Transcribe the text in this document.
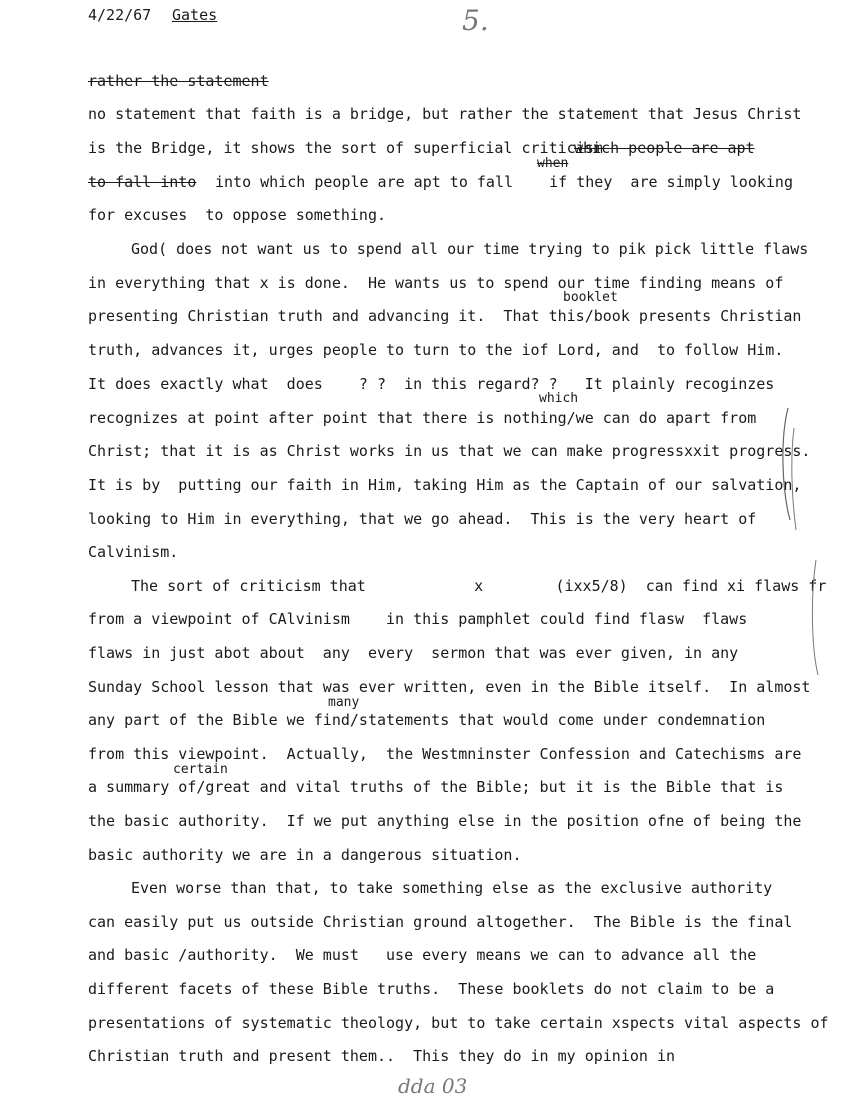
4/22/67 Gates	5.
rather the statement
no statement that faith is a bridge, but rather the statement that Jesus Christ
is the Bridge, it shows the sort of superficial criticism
which people are apt
when
to fall into into which people are apt to fall    if they  are simply looking
for excuses  to oppose something.
God( does not want us to spend all our time trying to pik pick little flaws
in everything that x is done.  He wants us to spend our time finding means of
booklet
presenting Christian truth and advancing it.  That this/book presents Christian
truth, advances it, urges people to turn to the iof Lord, and  to follow Him.
It does exactly what  does    ? ?  in this regard? ?   It plainly recoginzes
which
recognizes at point after point that there is nothing/we can do apart from
Christ; that it is as Christ works in us that we can make progressxxit progress.
It is by  putting our faith in Him, taking Him as the Captain of our salvation,
looking to Him in everything, that we go ahead.  This is the very heart of
Calvinism.
The sort of criticism that            x        (ixx5/8)  can find xi flaws fr
from a viewpoint of CAlvinism    in this pamphlet could find flasw  flaws
flaws in just abot about  any  every  sermon that was ever given, in any
Sunday School lesson that was ever written, even in the Bible itself.  In almost
many
any part of the Bible we find/statements that would come under condemnation
from this viewpoint.  Actually,  the Westmninster Confession and Catechisms are
certain
a summary of/great and vital truths of the Bible; but it is the Bible that is
the basic authority.  If we put anything else in the position ofne of being the
basic authority we are in a dangerous situation.
Even worse than that, to take something else as the exclusive authority
can easily put us outside Christian ground altogether.  The Bible is the final
and basic /authority.  We must   use every means we can to advance all the
different facets of these Bible truths.  These booklets do not claim to be a
presentations of systematic theology, but to take certain xspects vital aspects of
Christian truth and present them..  This they do in my opinion in
dda 03
